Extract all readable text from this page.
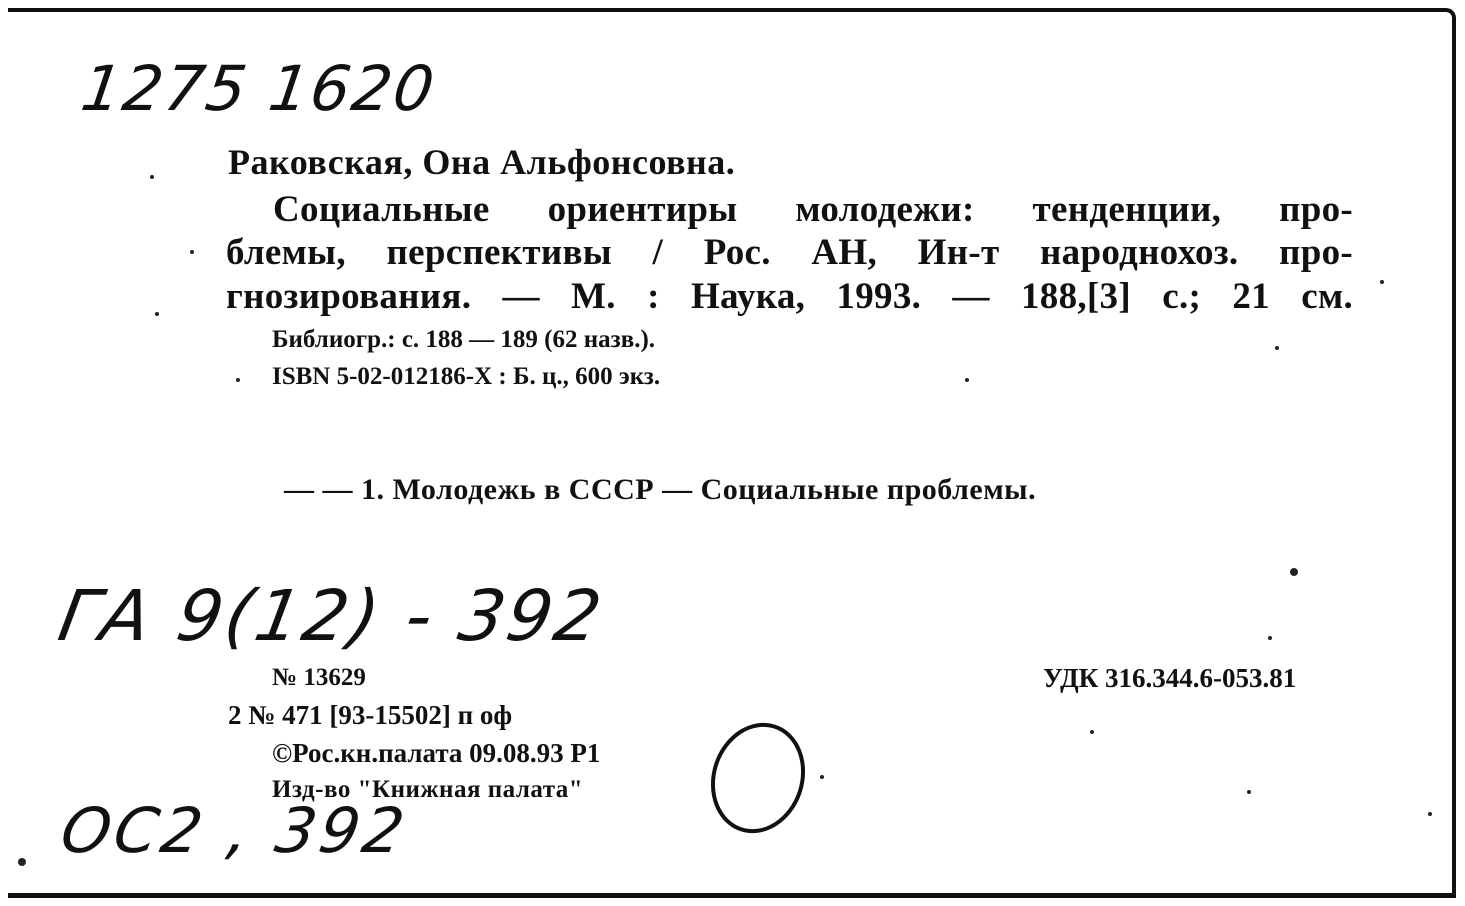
1275 1620
Раковская, Она Альфонсовна.
Социальные ориентиры молодежи: тенденции, про-
блемы, перспективы / Рос. АН, Ин-т народнохоз. про-
гнозирования. — М. : Наука, 1993. — 188,[3] с.; 21 см.
Библиогр.: с. 188 — 189 (62 назв.).
ISBN 5-02-012186-X : Б. ц., 600 экз.
— — 1. Молодежь в СССР — Социальные проблемы.
ГА 9(12) - 392
№ 13629	УДК 316.344.6-053.81
2 № 471 [93-15502] п оф
©Рос.кн.палата 09.08.93 Р1
Изд-во "Книжная палата"
ОС2 , 392
